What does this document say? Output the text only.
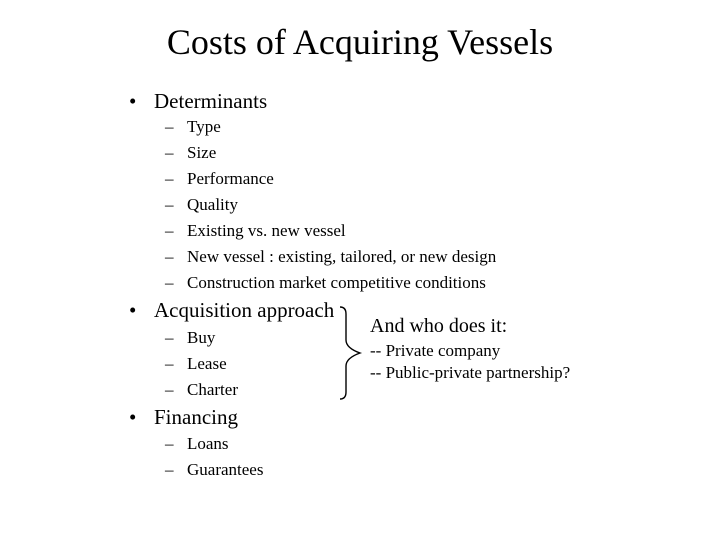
Costs of Acquiring Vessels
• Determinants
– Type
– Size
– Performance
– Quality
– Existing vs. new vessel
– New vessel : existing, tailored, or new design
– Construction market competitive conditions
• Acquisition approach
– Buy
– Lease
– Charter
And who does it:
-- Private company
-- Public-private partnership?
• Financing
– Loans
– Guarantees
